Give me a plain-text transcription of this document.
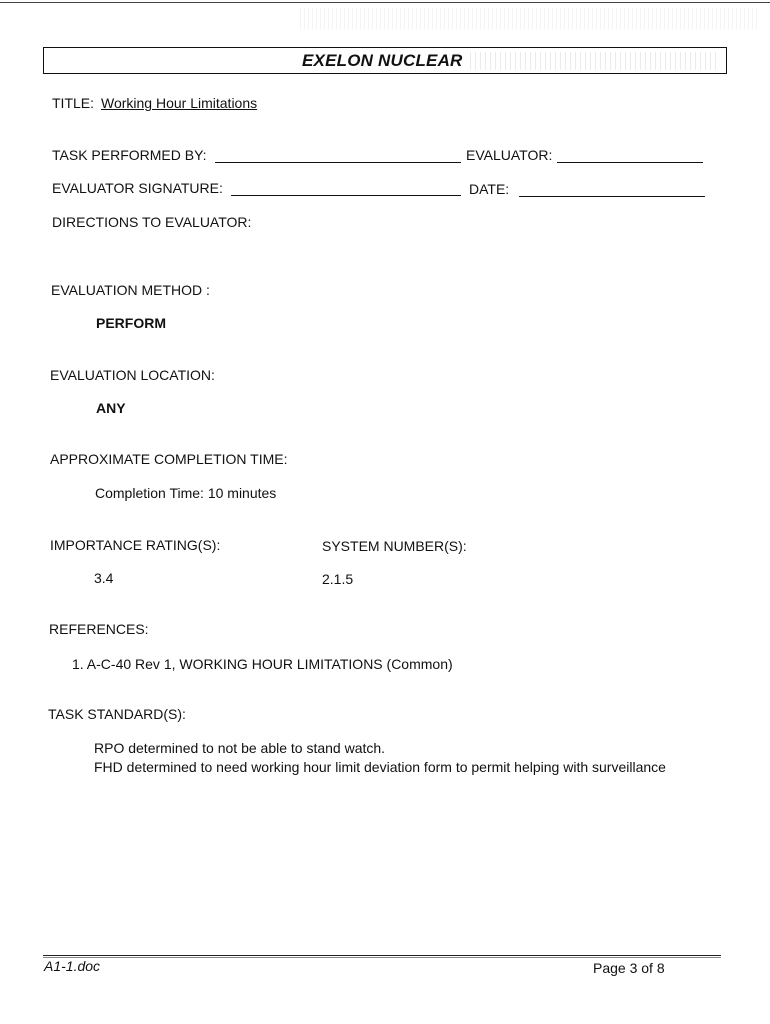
EXELON NUCLEAR
TITLE: Working Hour Limitations
TASK PERFORMED BY:	EVALUATOR:
EVALUATOR SIGNATURE:	DATE:
DIRECTIONS TO EVALUATOR:
EVALUATION METHOD :
PERFORM
EVALUATION LOCATION:
ANY
APPROXIMATE COMPLETION TIME:
Completion Time: 10 minutes
IMPORTANCE RATING(S):	SYSTEM NUMBER(S):
3.4	2.1.5
REFERENCES:
1. A-C-40 Rev 1, WORKING HOUR LIMITATIONS (Common)
TASK STANDARD(S):
RPO determined to not be able to stand watch.
FHD determined to need working hour limit deviation form to permit helping with surveillance
A1-1.doc	Page 3 of 8
